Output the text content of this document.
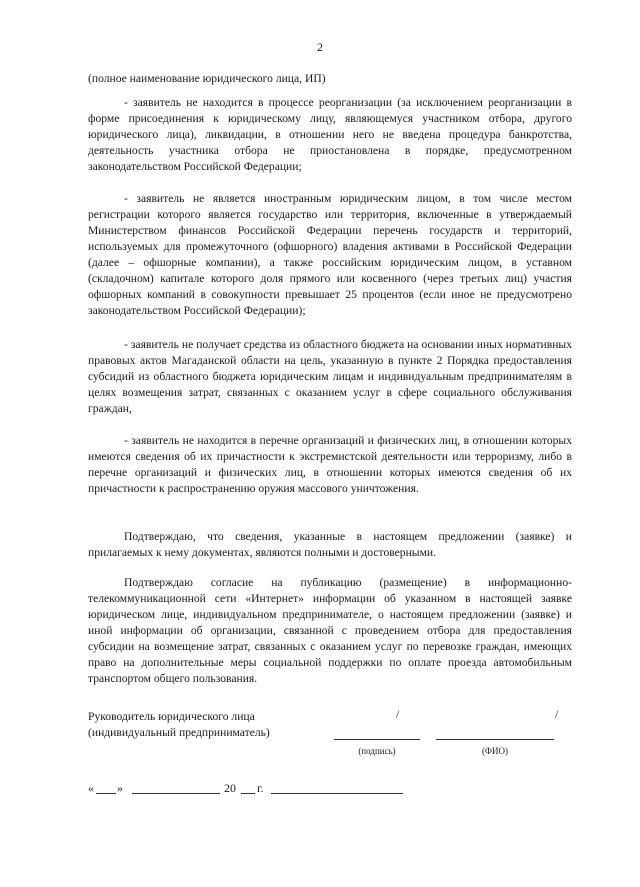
2
(полное наименование юридического лица, ИП)

- заявитель не находится в процессе реорганизации (за исключением реорганизации в форме присоединения к юридическому лицу, являющемуся участником отбора, другого юридического лица), ликвидации, в отношении него не введена процедура банкротства, деятельность участника отбора не приостановлена в порядке, предусмотренном законодательством Российской Федерации;

- заявитель не является иностранным юридическим лицом, в том числе местом регистрации которого является государство или территория, включенные в утверждаемый Министерством финансов Российской Федерации перечень государств и территорий, используемых для промежуточного (офшорного) владения активами в Российской Федерации (далее – офшорные компании), а также российским юридическим лицом, в уставном (складочном) капитале которого доля прямого или косвенного (через третьих лиц) участия офшорных компаний в совокупности превышает 25 процентов (если иное не предусмотрено законодательством Российской Федерации);

- заявитель не получает средства из областного бюджета на основании иных нормативных правовых актов Магаданской области на цель, указанную в пункте 2 Порядка предоставления субсидий из областного бюджета юридическим лицам и индивидуальным предпринимателям в целях возмещения затрат, связанных с оказанием услуг в сфере социального обслуживания граждан,

- заявитель не находится в перечне организаций и физических лиц, в отношении которых имеются сведения об их причастности к экстремистской деятельности или терроризму, либо в перечне организаций и физических лиц, в отношении которых имеются сведения об их причастности к распространению оружия массового уничтожения.

Подтверждаю, что сведения, указанные в настоящем предложении (заявке) и прилагаемых к нему документах, являются полными и достоверными.

Подтверждаю согласие на публикацию (размещение) в информационно-телекоммуникационной сети «Интернет» информации об указанном в настоящей заявке юридическом лице, индивидуальном предпринимателе, о настоящем предложении (заявке) и иной информации об организации, связанной с проведением отбора для предоставления субсидии на возмещение затрат, связанных с оказанием услуг по перевозке граждан, имеющих право на дополнительные меры социальной поддержки по оплате проезда автомобильным транспортом общего пользования.

Руководитель юридического лица
(индивидуальный предприниматель)
/	/
(подпись)	(ФИО)
« »	20 г.
